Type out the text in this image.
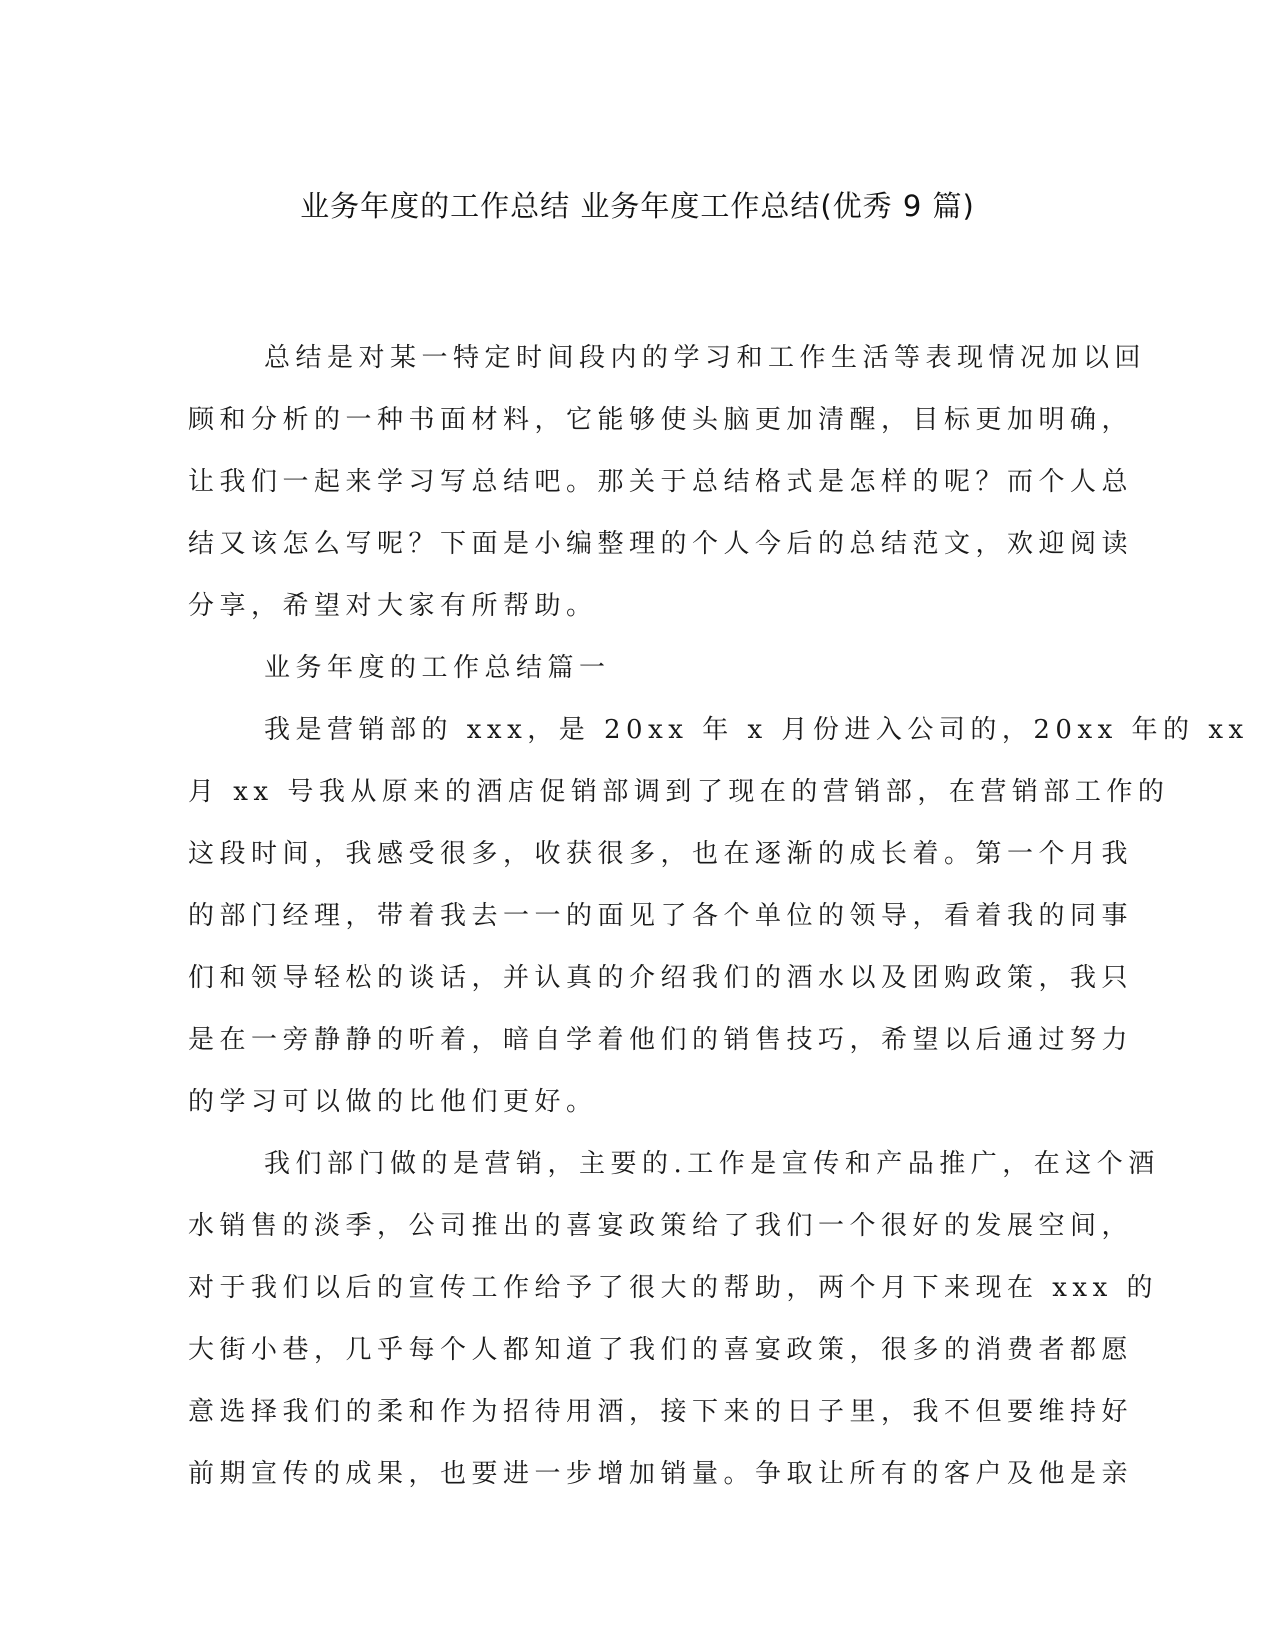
业务年度的工作总结 业务年度工作总结(优秀 9 篇)
总结是对某一特定时间段内的学习和工作生活等表现情况加以回
顾和分析的一种书面材料，它能够使头脑更加清醒，目标更加明确，
让我们一起来学习写总结吧。那关于总结格式是怎样的呢？而个人总
结又该怎么写呢？下面是小编整理的个人今后的总结范文，欢迎阅读
分享，希望对大家有所帮助。
业务年度的工作总结篇一
我是营销部的 xxx，是 20xx 年 x 月份进入公司的，20xx 年的 xx
月 xx 号我从原来的酒店促销部调到了现在的营销部，在营销部工作的
这段时间，我感受很多，收获很多，也在逐渐的成长着。第一个月我
的部门经理，带着我去一一的面见了各个单位的领导，看着我的同事
们和领导轻松的谈话，并认真的介绍我们的酒水以及团购政策，我只
是在一旁静静的听着，暗自学着他们的销售技巧，希望以后通过努力
的学习可以做的比他们更好。
我们部门做的是营销，主要的.工作是宣传和产品推广，在这个酒
水销售的淡季，公司推出的喜宴政策给了我们一个很好的发展空间，
对于我们以后的宣传工作给予了很大的帮助，两个月下来现在 xxx 的
大街小巷，几乎每个人都知道了我们的喜宴政策，很多的消费者都愿
意选择我们的柔和作为招待用酒，接下来的日子里，我不但要维持好
前期宣传的成果，也要进一步增加销量。争取让所有的客户及他是亲
